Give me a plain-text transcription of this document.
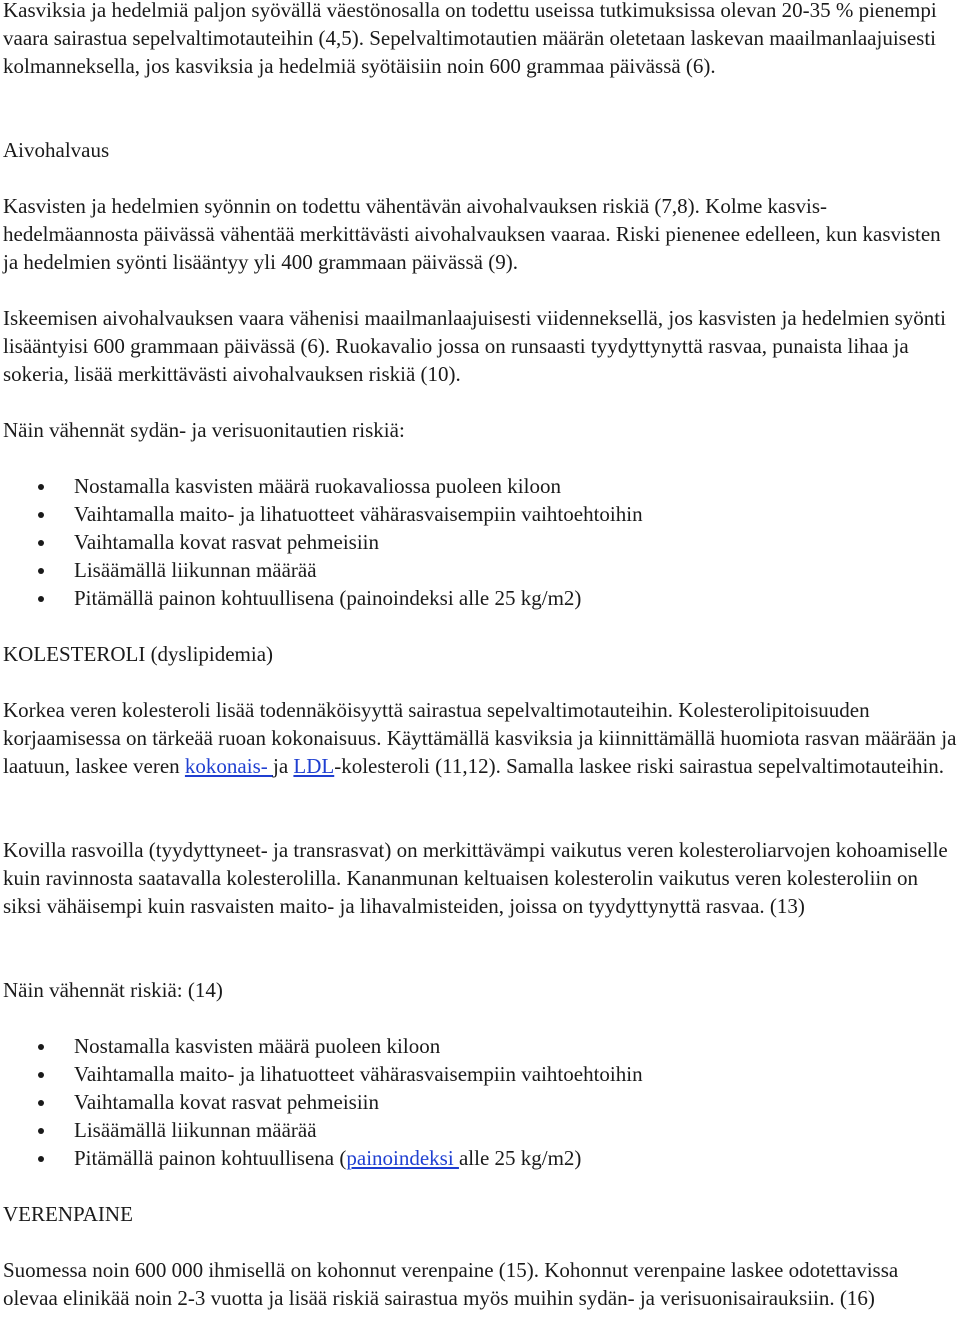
Kasviksia ja hedelmiä paljon syövällä väestönosalla on todettu useissa tutkimuksissa olevan 20-35 % pienempi vaara sairastua sepelvaltimotauteihin (4,5). Sepelvaltimotautien määrän oletetaan laskevan maailmanlaajuisesti kolmanneksella, jos kasviksia ja hedelmiä syötäisiin noin 600 grammaa päivässä (6).

Aivohalvaus

Kasvisten ja hedelmien syönnin on todettu vähentävän aivohalvauksen riskiä (7,8). Kolme kasvis-hedelmäannosta päivässä vähentää merkittävästi aivohalvauksen vaaraa. Riski pienenee edelleen, kun kasvisten ja hedelmien syönti lisääntyy yli 400 grammaan päivässä (9).

Iskeemisen aivohalvauksen vaara vähenisi maailmanlaajuisesti viidenneksellä, jos kasvisten ja hedelmien syönti lisääntyisi 600 grammaan päivässä (6). Ruokavalio jossa on runsaasti tyydyttynyttä rasvaa, punaista lihaa ja sokeria, lisää merkittävästi aivohalvauksen riskiä (10).

Näin vähennät sydän- ja verisuonitautien riskiä:

Nostamalla kasvisten määrä ruokavaliossa puoleen kiloon
Vaihtamalla maito- ja lihatuotteet vähärasvaisempiin vaihtoehtoihin
Vaihtamalla kovat rasvat pehmeisiin
Lisäämällä liikunnan määrää
Pitämällä painon kohtuullisena (painoindeksi alle 25 kg/m2)

KOLESTEROLI (dyslipidemia)

Korkea veren kolesteroli lisää todennäköisyyttä sairastua sepelvaltimotauteihin. Kolesterolipitoisuuden korjaamisessa on tärkeää ruoan kokonaisuus. Käyttämällä kasviksia ja kiinnittämällä huomiota rasvan määrään ja laatuun, laskee veren kokonais- ja LDL-kolesteroli (11,12). Samalla laskee riski sairastua sepelvaltimotauteihin.

Kovilla rasvoilla (tyydyttyneet- ja transrasvat) on merkittävämpi vaikutus veren kolesteroliarvojen kohoamiselle kuin ravinnosta saatavalla kolesterolilla. Kananmunan keltuaisen kolesterolin vaikutus veren kolesteroliin on siksi vähäisempi kuin rasvaisten maito- ja lihavalmisteiden, joissa on tyydyttynyttä rasvaa. (13)

Näin vähennät riskiä: (14)

Nostamalla kasvisten määrä puoleen kiloon
Vaihtamalla maito- ja lihatuotteet vähärasvaisempiin vaihtoehtoihin
Vaihtamalla kovat rasvat pehmeisiin
Lisäämällä liikunnan määrää
Pitämällä painon kohtuullisena (painoindeksi alle 25 kg/m2)

VERENPAINE

Suomessa noin 600 000 ihmisellä on kohonnut verenpaine (15). Kohonnut verenpaine laskee odotettavissa olevaa elinikää noin 2-3 vuotta ja lisää riskiä sairastua myös muihin sydän- ja verisuonisairauksiin. (16)
